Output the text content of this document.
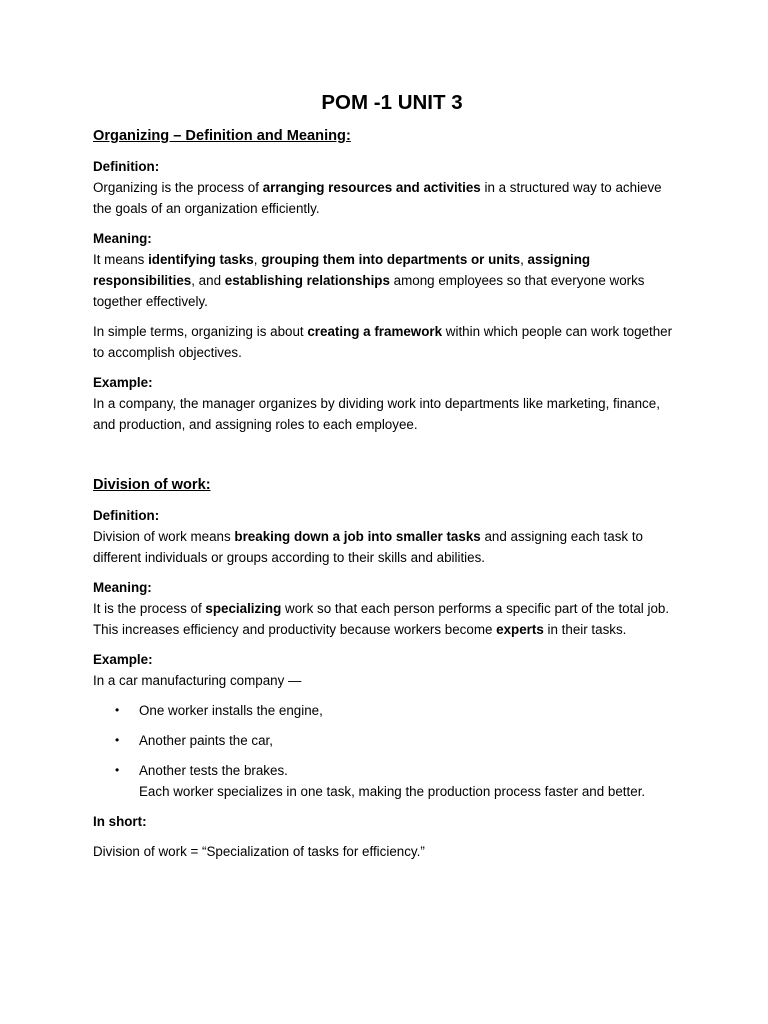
POM -1 UNIT 3
Organizing – Definition and Meaning:

Definition:

Organizing is the process of arranging resources and activities in a structured way to achieve the goals of an organization efficiently.

Meaning:

It means identifying tasks, grouping them into departments or units, assigning responsibilities, and establishing relationships among employees so that everyone works together effectively.

In simple terms, organizing is about creating a framework within which people can work together to accomplish objectives.

Example:

In a company, the manager organizes by dividing work into departments like marketing, finance, and production, and assigning roles to each employee.

Division of work:

Definition:

Division of work means breaking down a job into smaller tasks and assigning each task to different individuals or groups according to their skills and abilities.

Meaning:

It is the process of specializing work so that each person performs a specific part of the total job. This increases efficiency and productivity because workers become experts in their tasks.

Example:

In a car manufacturing company —

• One worker installs the engine,
• Another paints the car,
• Another tests the brakes.
Each worker specializes in one task, making the production process faster and better.

In short:

Division of work = “Specialization of tasks for efficiency.”
